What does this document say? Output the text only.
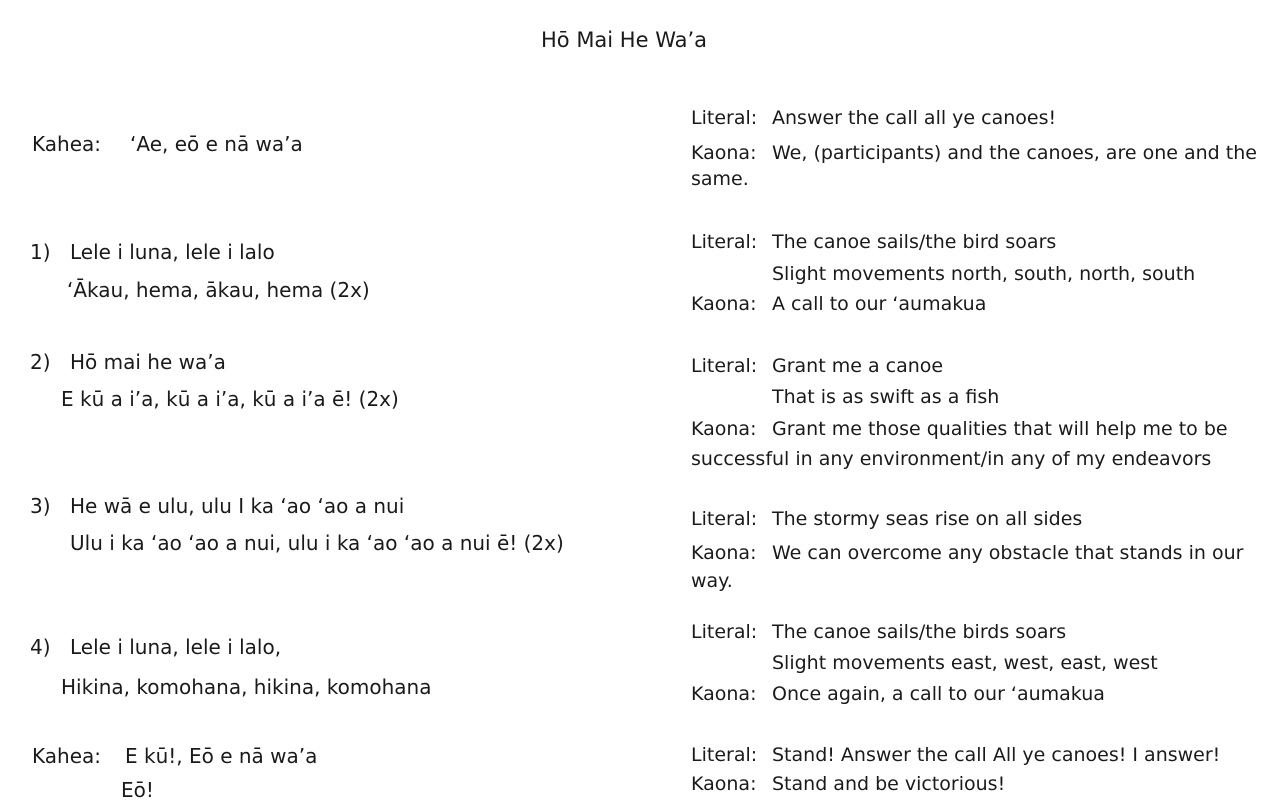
Hō Mai He Wa’a
Kahea: ‘Ae, eō e nā wa’a
1) Lele i luna, lele i lalo
‘Ākau, hema, ākau, hema (2x)
2) Hō mai he wa’a
E kū a i’a, kū a i’a, kū a i’a ē! (2x)
3) He wā e ulu, ulu I ka ‘ao ‘ao a nui
Ulu i ka ‘ao ‘ao a nui, ulu i ka ‘ao ‘ao a nui ē! (2x)
4) Lele i luna, lele i lalo,
Hikina, komohana, hikina, komohana
Kahea: E kū!, Eō e nā wa’a
Eō!
Literal: Answer the call all ye canoes!
Kaona: We, (participants) and the canoes, are one and the
same.
Literal: The canoe sails/the bird soars
Slight movements north, south, north, south
Kaona: A call to our ‘aumakua
Literal: Grant me a canoe
That is as swift as a fish
Kaona: Grant me those qualities that will help me to be
successful in any environment/in any of my endeavors
Literal: The stormy seas rise on all sides
Kaona: We can overcome any obstacle that stands in our
way.
Literal: The canoe sails/the birds soars
Slight movements east, west, east, west
Kaona: Once again, a call to our ‘aumakua
Literal: Stand! Answer the call All ye canoes! I answer!
Kaona: Stand and be victorious!
